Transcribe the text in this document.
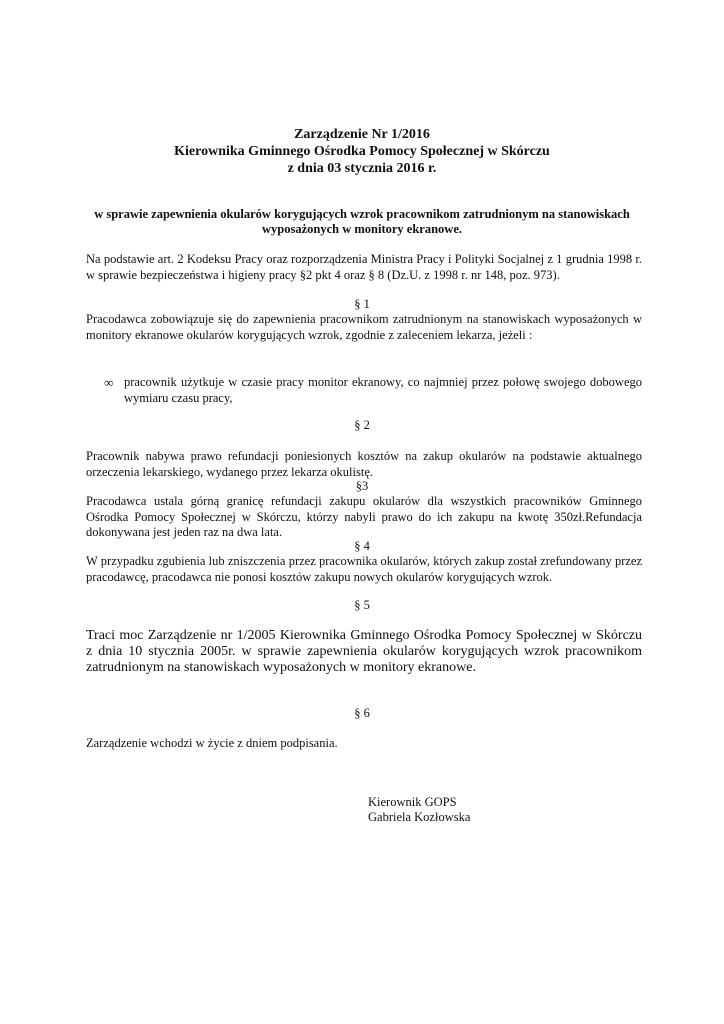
Zarządzenie Nr 1/2016
Kierownika Gminnego Ośrodka Pomocy Społecznej w Skórczu
z dnia 03 stycznia 2016 r.
w sprawie zapewnienia okularów korygujących wzrok pracownikom zatrudnionym na stanowiskach wyposażonych w monitory ekranowe.
Na podstawie art. 2 Kodeksu Pracy oraz rozporządzenia Ministra Pracy i Polityki Socjalnej z 1 grudnia 1998 r. w sprawie bezpieczeństwa i higieny pracy §2 pkt 4 oraz § 8 (Dz.U. z 1998 r. nr 148, poz. 973).
§ 1
Pracodawca zobowiązuje się do zapewnienia pracownikom zatrudnionym na stanowiskach wyposażonych w monitory ekranowe okularów korygujących wzrok, zgodnie z zaleceniem lekarza, jeżeli :
∞ pracownik użytkuje w czasie pracy monitor ekranowy, co najmniej przez połowę swojego dobowego wymiaru czasu pracy,
§ 2
Pracownik nabywa prawo refundacji poniesionych kosztów na zakup okularów na podstawie aktualnego orzeczenia lekarskiego, wydanego przez lekarza okulistę.
§3
Pracodawca ustala górną granicę refundacji zakupu okularów dla wszystkich pracowników Gminnego Ośrodka Pomocy Społecznej w Skórczu, którzy nabyli prawo do ich zakupu na kwotę 350zł.Refundacja dokonywana jest jeden raz na dwa lata.
§ 4
W przypadku zgubienia lub zniszczenia przez pracownika okularów, których zakup został zrefundowany przez pracodawcę, pracodawca nie ponosi kosztów zakupu nowych okularów korygujących wzrok.
§ 5
Traci moc Zarządzenie nr 1/2005 Kierownika Gminnego Ośrodka Pomocy Społecznej w Skórczu z dnia 10 stycznia 2005r. w sprawie zapewnienia okularów korygujących wzrok pracownikom zatrudnionym na stanowiskach wyposażonych w monitory ekranowe.
§ 6
Zarządzenie wchodzi w życie z dniem podpisania.
Kierownik GOPS
Gabriela Kozłowska
